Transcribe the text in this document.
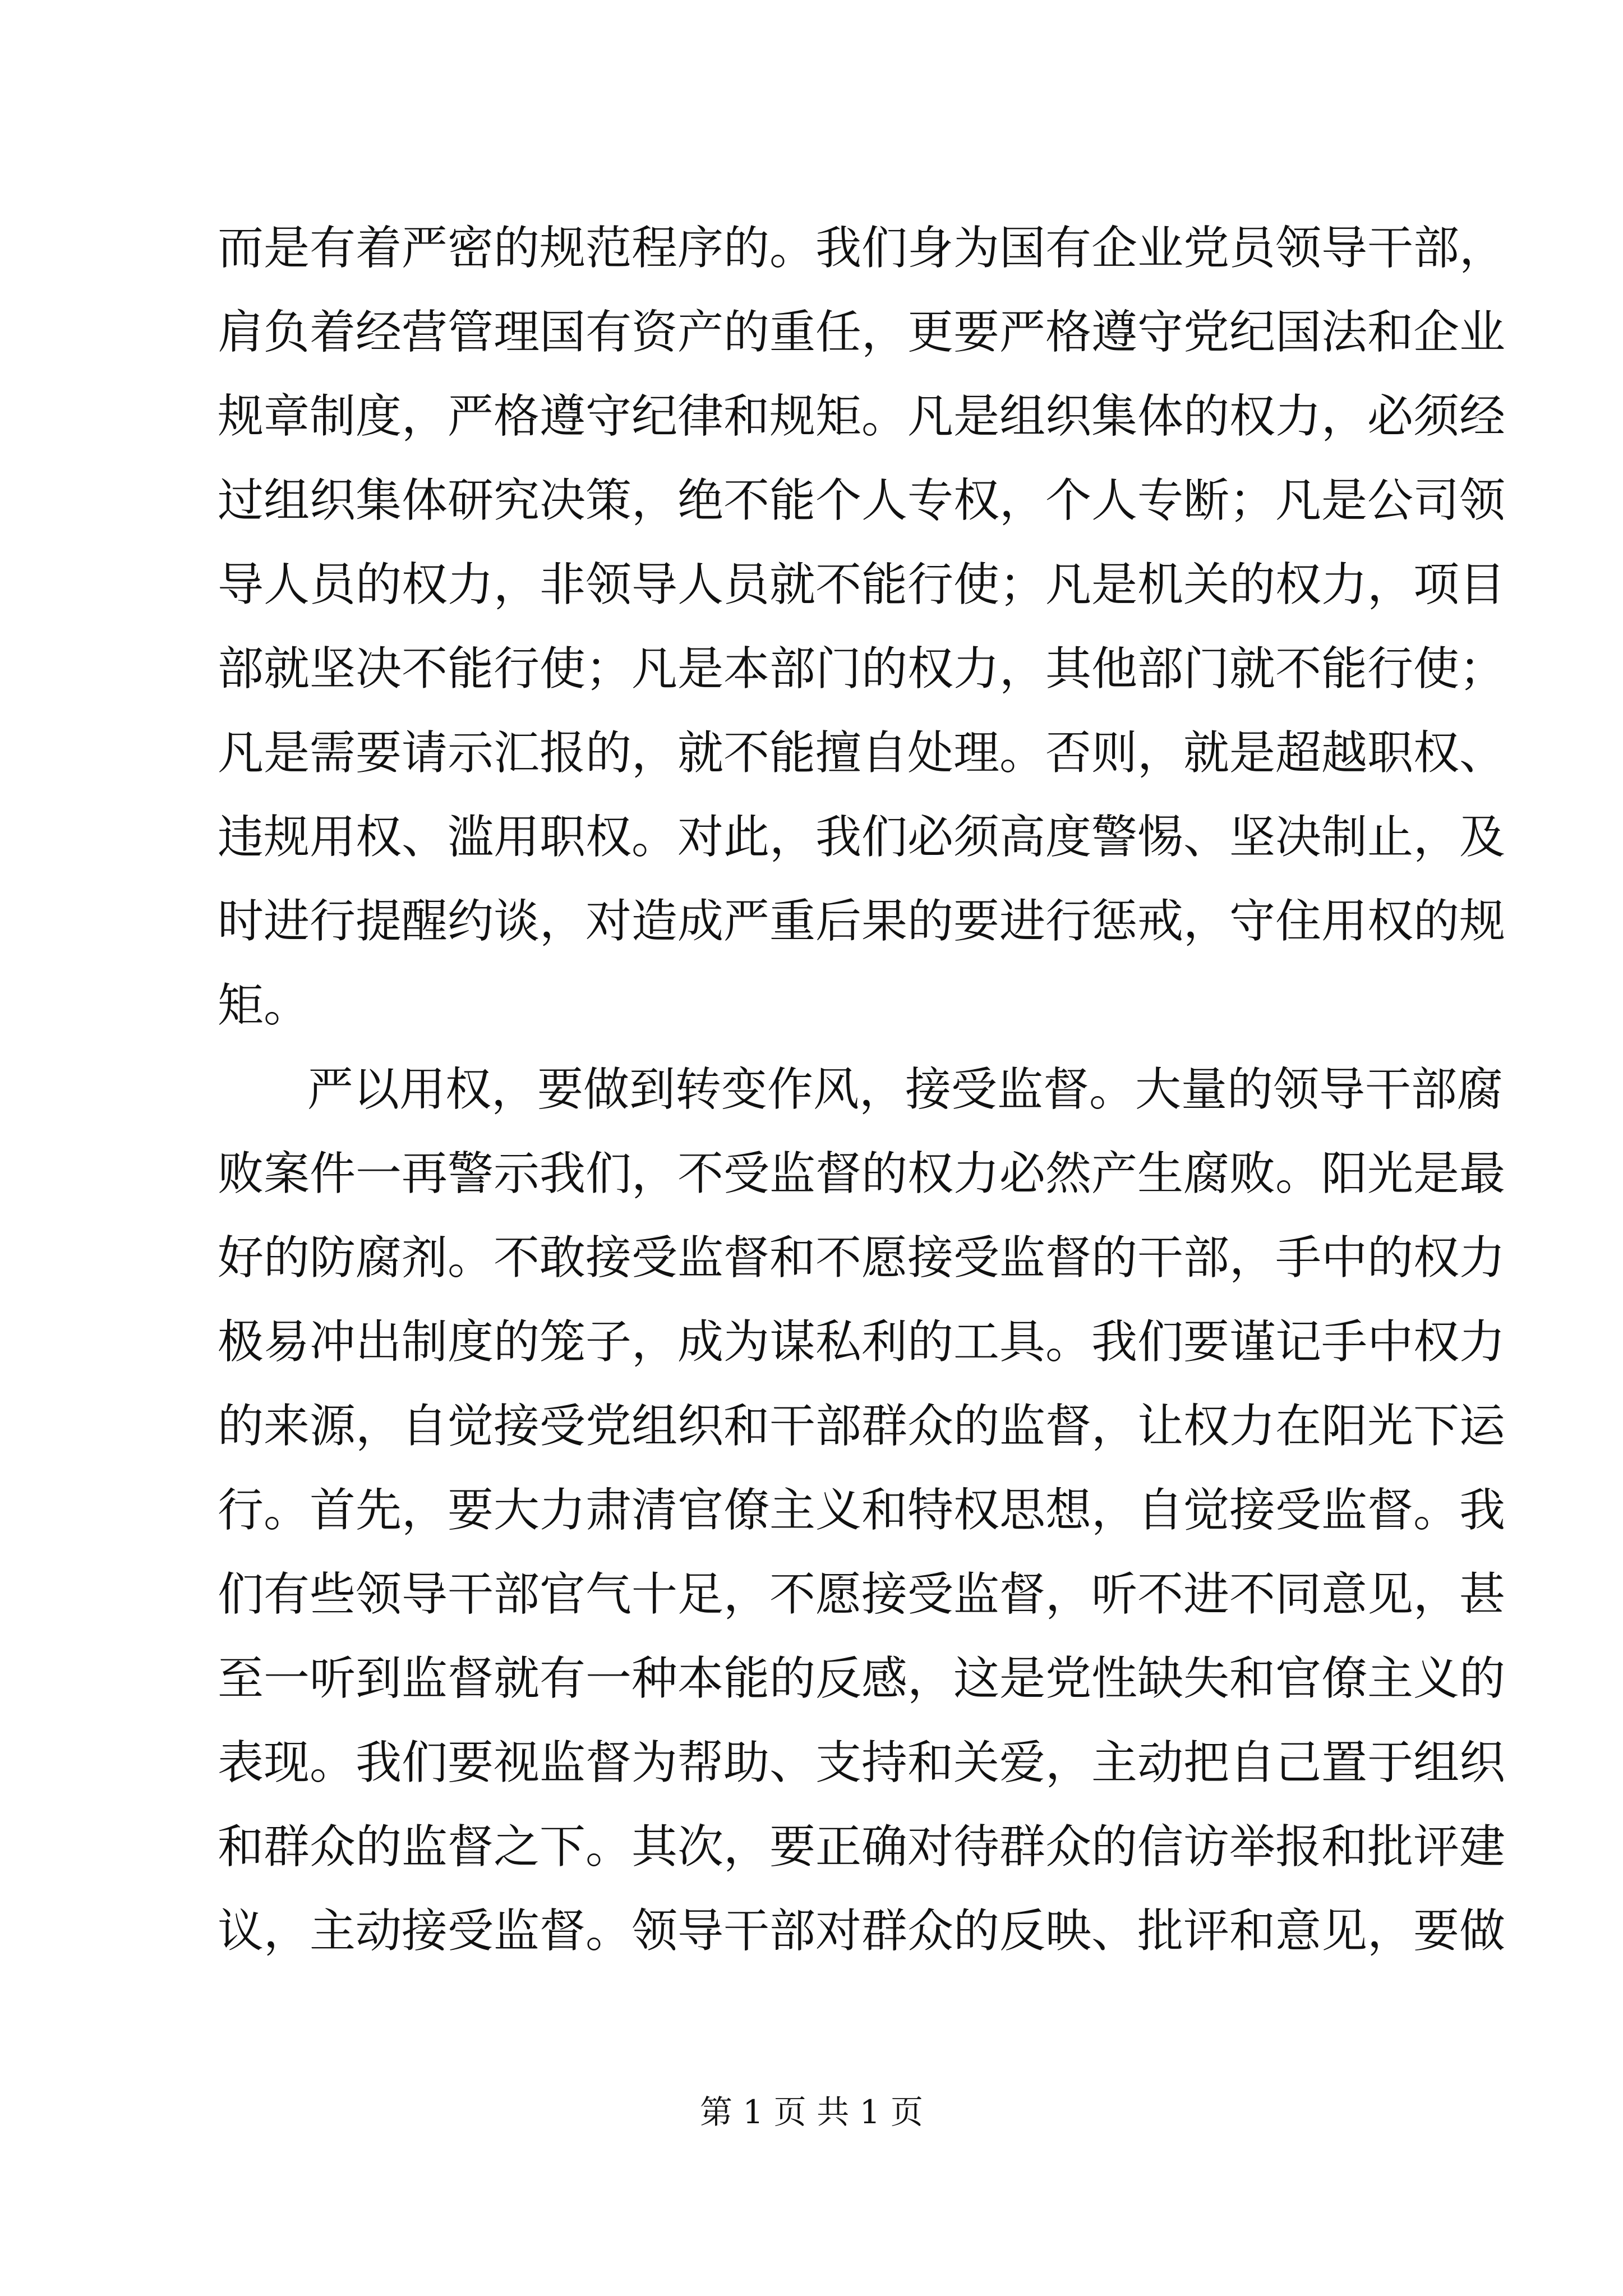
而是有着严密的规范程序的。我们身为国有企业党员领导干部，
肩负着经营管理国有资产的重任，更要严格遵守党纪国法和企业
规章制度，严格遵守纪律和规矩。凡是组织集体的权力，必须经
过组织集体研究决策，绝不能个人专权，个人专断；凡是公司领
导人员的权力，非领导人员就不能行使；凡是机关的权力，项目
部就坚决不能行使；凡是本部门的权力，其他部门就不能行使；
凡是需要请示汇报的，就不能擅自处理。否则，就是超越职权、
违规用权、滥用职权。对此，我们必须高度警惕、坚决制止，及
时进行提醒约谈，对造成严重后果的要进行惩戒，守住用权的规
矩。
严以用权，要做到转变作风，接受监督。大量的领导干部腐
败案件一再警示我们，不受监督的权力必然产生腐败。阳光是最
好的防腐剂。不敢接受监督和不愿接受监督的干部，手中的权力
极易冲出制度的笼子，成为谋私利的工具。我们要谨记手中权力
的来源，自觉接受党组织和干部群众的监督，让权力在阳光下运
行。首先，要大力肃清官僚主义和特权思想，自觉接受监督。我
们有些领导干部官气十足，不愿接受监督，听不进不同意见，甚
至一听到监督就有一种本能的反感，这是党性缺失和官僚主义的
表现。我们要视监督为帮助、支持和关爱，主动把自己置于组织
和群众的监督之下。其次，要正确对待群众的信访举报和批评建
议，主动接受监督。领导干部对群众的反映、批评和意见，要做
第 1 页 共 1 页
